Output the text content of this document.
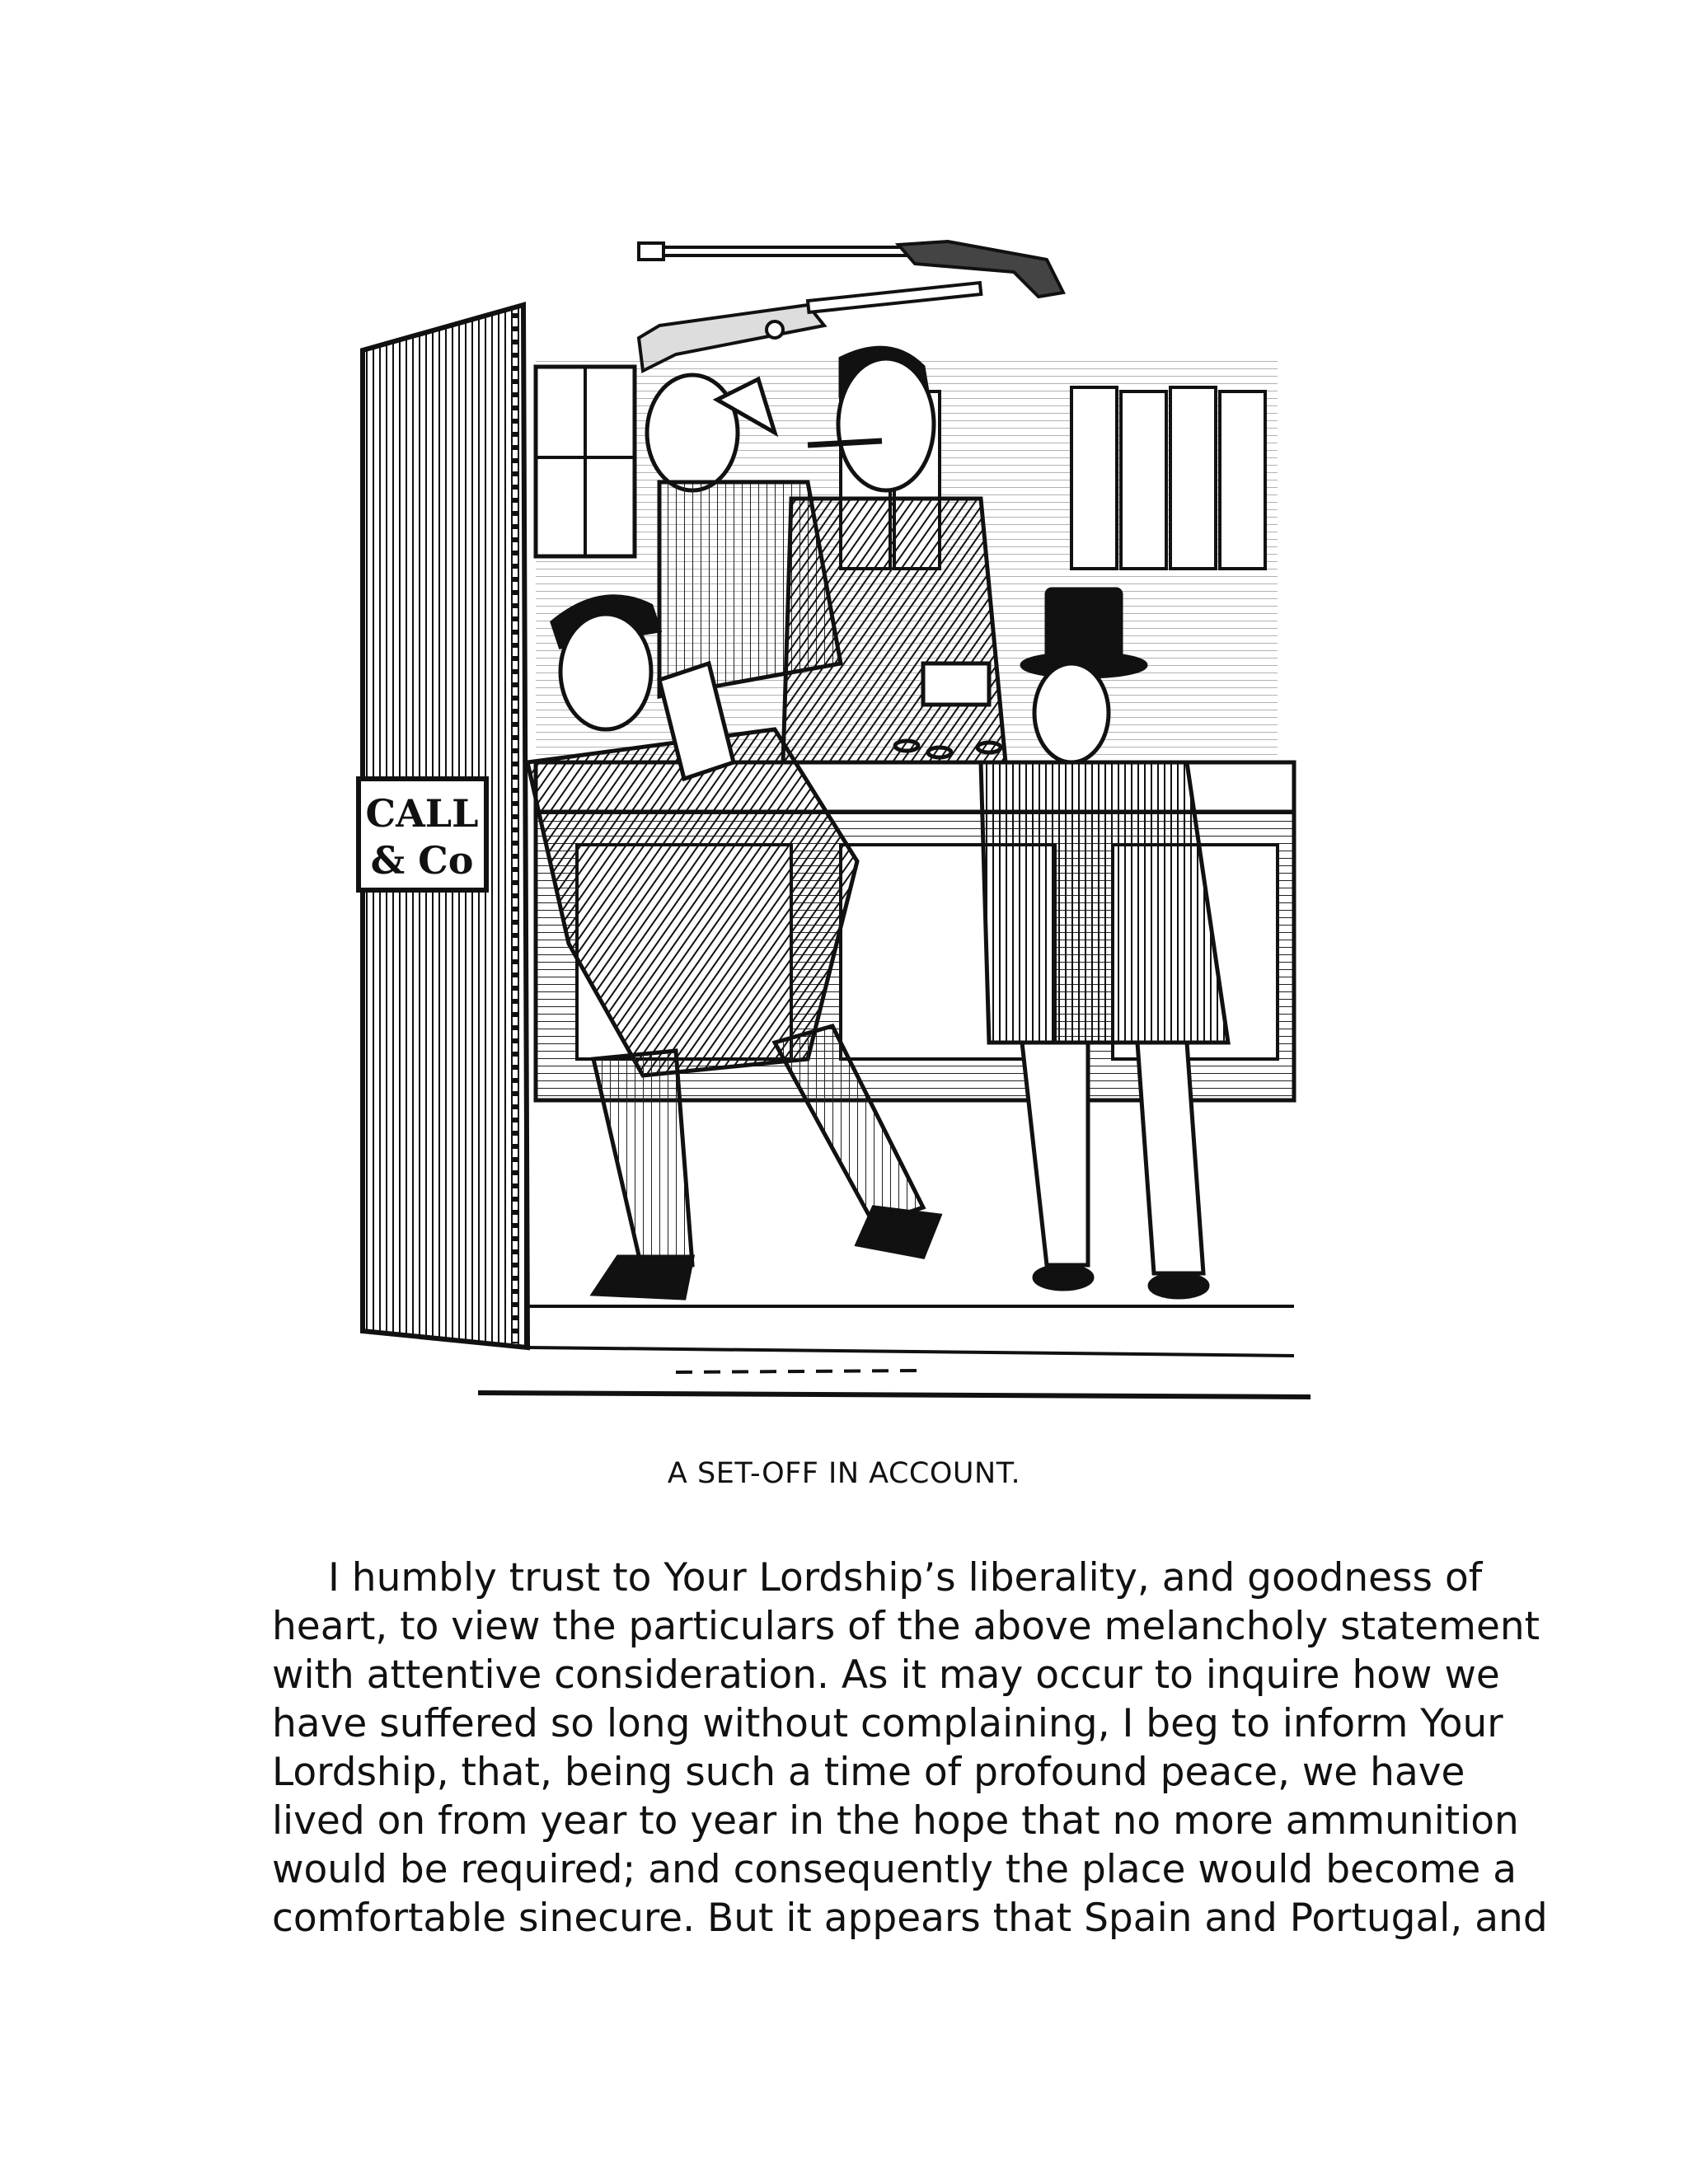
CALL
& Co
A SET-OFF IN ACCOUNT.
I humbly trust to Your Lordship’s liberality, and goodness of
heart, to view the particulars of the above melancholy statement
with attentive consideration. As it may occur to inquire how we
have suffered so long without complaining, I beg to inform Your
Lordship, that, being such a time of profound peace, we have
lived on from year to year in the hope that no more ammunition
would be required; and consequently the place would become a
comfortable sinecure. But it appears that Spain and Portugal, and
